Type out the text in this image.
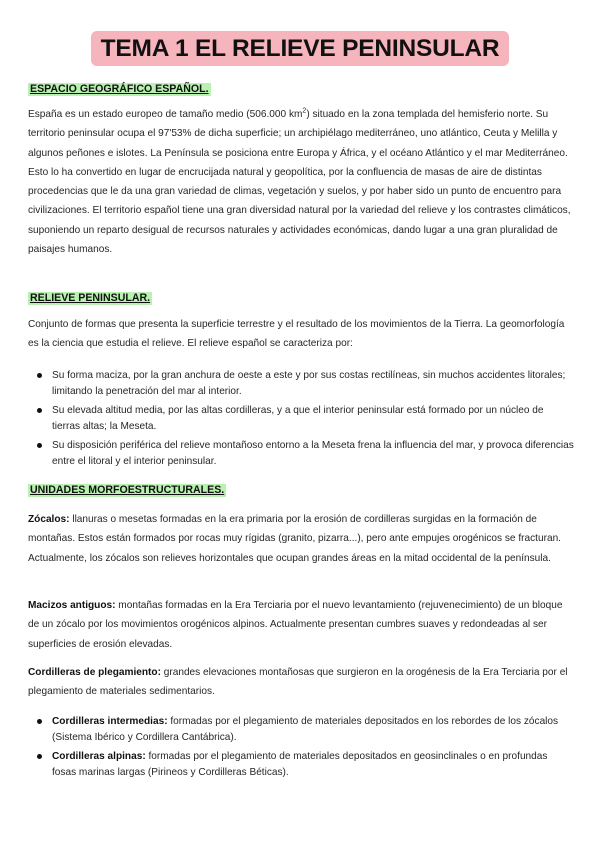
TEMA 1 EL RELIEVE PENINSULAR
ESPACIO GEOGRÁFICO ESPAÑOL.

España es un estado europeo de tamaño medio (506.000 $km^2$) situado en la zona templada del hemisferio norte. Su territorio peninsular ocupa el 97'53% de dicha superficie; un archipiélago mediterráneo, uno atlántico, Ceuta y Melilla y algunos peñones e islotes. La Península se posiciona entre Europa y África, y el océano Atlántico y el mar Mediterráneo. Esto lo ha convertido en lugar de encrucijada natural y geopolítica, por la confluencia de masas de aire de distintas procedencias que le da una gran variedad de climas, vegetación y suelos, y por haber sido un punto de encuentro para civilizaciones. El territorio español tiene una gran diversidad natural por la variedad del relieve y los contrastes climáticos, suponiendo un reparto desigual de recursos naturales y actividades económicas, dando lugar a una gran pluralidad de paisajes humanos.

RELIEVE PENINSULAR.

Conjunto de formas que presenta la superficie terrestre y el resultado de los movimientos de la Tierra. La geomorfología es la ciencia que estudia el relieve. El relieve español se caracteriza por:

Su forma maciza, por la gran anchura de oeste a este y por sus costas rectilíneas, sin muchos accidentes litorales; limitando la penetración del mar al interior.
Su elevada altitud media, por las altas cordilleras, y a que el interior peninsular está formado por un núcleo de tierras altas; la Meseta.
Su disposición periférica del relieve montañoso entorno a la Meseta frena la influencia del mar, y provoca diferencias entre el litoral y el interior peninsular.
UNIDADES MORFOESTRUCTURALES.

Zócalos: llanuras o mesetas formadas en la era primaria por la erosión de cordilleras surgidas en la formación de montañas. Estos están formados por rocas muy rígidas (granito, pizarra...), pero ante empujes orogénicos se fracturan. Actualmente, los zócalos son relieves horizontales que ocupan grandes áreas en la mitad occidental de la península.

Macizos antiguos: montañas formadas en la Era Terciaria por el nuevo levantamiento (rejuvenecimiento) de un bloque de un zócalo por los movimientos orogénicos alpinos. Actualmente presentan cumbres suaves y redondeadas al ser superficies de erosión elevadas.

Cordilleras de plegamiento: grandes elevaciones montañosas que surgieron en la orogénesis de la Era Terciaria por el plegamiento de materiales sedimentarios.

Cordilleras intermedias: formadas por el plegamiento de materiales depositados en los rebordes de los zócalos (Sistema Ibérico y Cordillera Cantábrica).
Cordilleras alpinas: formadas por el plegamiento de materiales depositados en geosinclinales o en profundas fosas marinas largas (Pirineos y Cordilleras Béticas).
